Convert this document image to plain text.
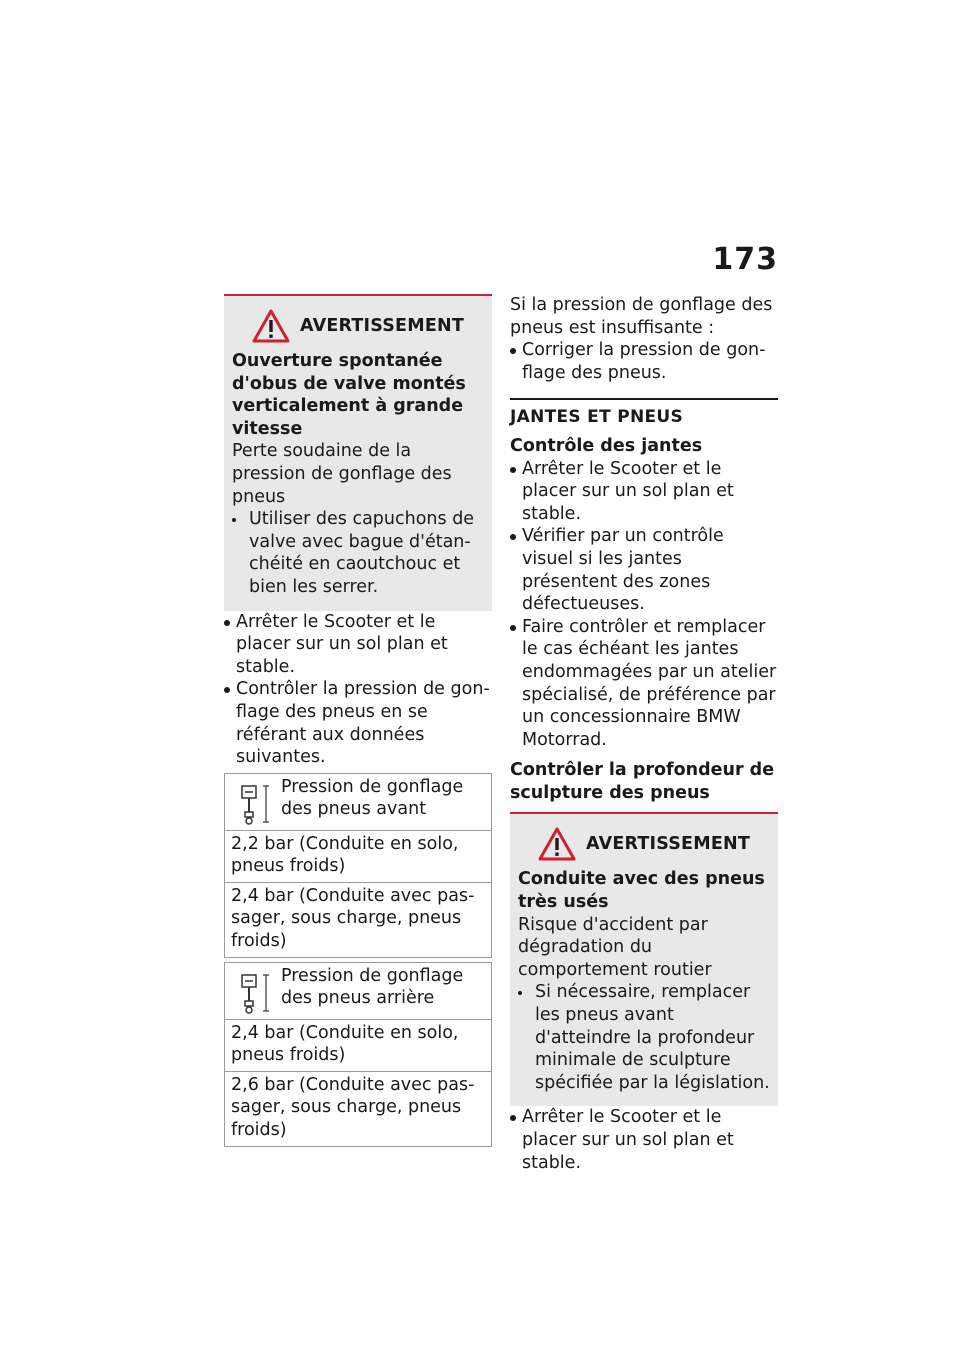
173
AVERTISSEMENT
Ouverture spontanée d'obus de valve montés verticalement à grande vitesse
Perte soudaine de la pression de gonflage des pneus
Utiliser des capuchons de valve avec bague d'étanchéité en caoutchouc et bien les serrer.
Arrêter le Scooter et le placer sur un sol plan et stable.
Contrôler la pression de gonflage des pneus en se référant aux données suivantes.
Pression de gonflage des pneus avant
2,2 bar (Conduite en solo, pneus froids)
2,4 bar (Conduite avec passager, sous charge, pneus froids)
Pression de gonflage des pneus arrière
2,4 bar (Conduite en solo, pneus froids)
2,6 bar (Conduite avec passager, sous charge, pneus froids)
Si la pression de gonflage des pneus est insuffisante :
Corriger la pression de gonflage des pneus.
JANTES ET PNEUS
Contrôle des jantes
Arrêter le Scooter et le placer sur un sol plan et stable.
Vérifier par un contrôle visuel si les jantes présentent des zones défectueuses.
Faire contrôler et remplacer le cas échéant les jantes endommagées par un atelier spécialisé, de préférence par un concessionnaire BMW Motorrad.
Contrôler la profondeur de sculpture des pneus
AVERTISSEMENT
Conduite avec des pneus très usés
Risque d'accident par dégradation du comportement routier
Si nécessaire, remplacer les pneus avant d'atteindre la profondeur minimale de sculpture spécifiée par la législation.
Arrêter le Scooter et le placer sur un sol plan et stable.
